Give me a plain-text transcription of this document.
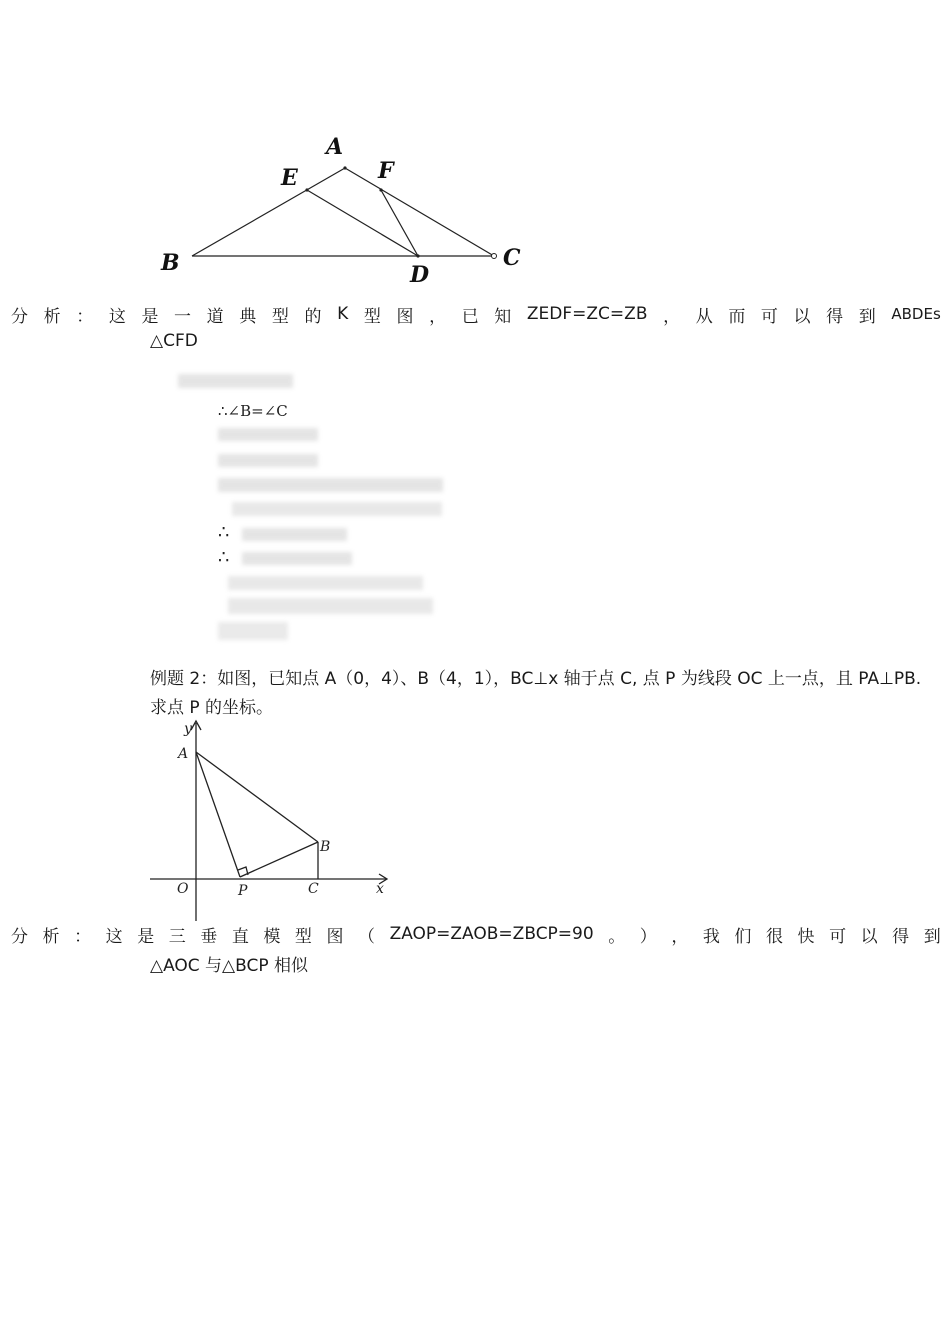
A
E	F
B	C
D
分 析 ： 这 是 一 道 典 型 的 K 型 图 ， 已 知 ZEDF=ZC=ZB ， 从 而 可 以 得 到 ABDEs
△CFD
∴∠B=∠C
∴
∴
例题 2：如图，已知点 A（0，4）、B（4，1），BC⊥x 轴于点 C, 点 P 为线段 OC 上一点，且 PA⊥PB. 求点 P 的坐标。
y
A
B
O	P	C	x
分 析 ： 这 是 三 垂 直 模 型 图 （ ZAOP=ZAOB=ZBCP=90 。 ） ， 我 们 很 快 可 以 得 到
△AOC 与△BCP 相似
